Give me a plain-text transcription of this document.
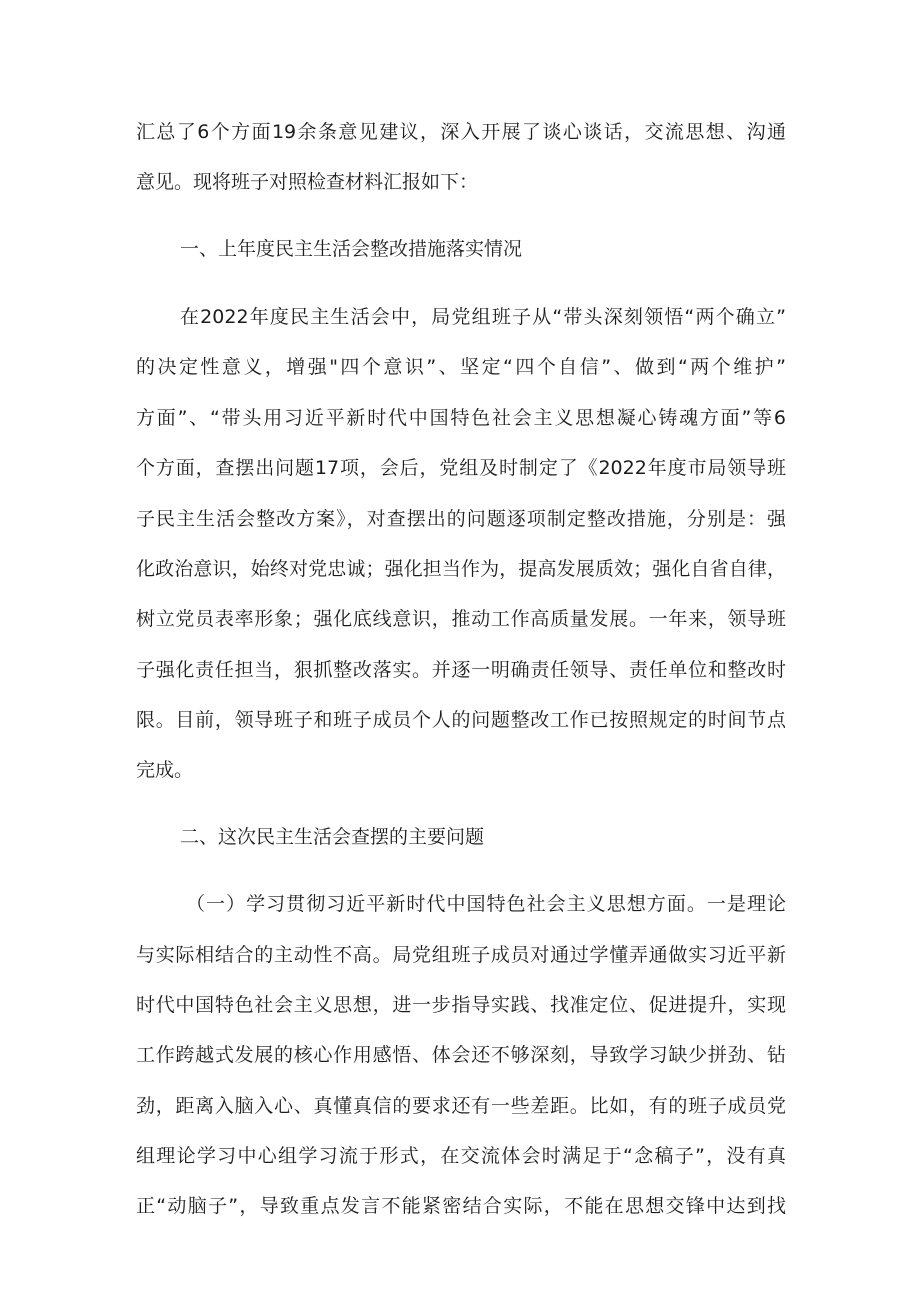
汇总了6个方面19余条意见建议，深入开展了谈心谈话，交流思想、沟通

意见。现将班子对照检查材料汇报如下：

一、上年度民主生活会整改措施落实情况

在2022年度民主生活会中，局党组班子从“带头深刻领悟“两个确立”

的决定性意义，增强"四个意识”、坚定“四个自信”、做到“两个维护”

方面”、“带头用习近平新时代中国特色社会主义思想凝心铸魂方面”等6

个方面，查摆出问题17项，会后，党组及时制定了《2022年度市局领导班

子民主生活会整改方案》，对查摆出的问题逐项制定整改措施，分别是：强

化政治意识，始终对党忠诚；强化担当作为，提高发展质效；强化自省自律，

树立党员表率形象；强化底线意识，推动工作高质量发展。一年来，领导班

子强化责任担当，狠抓整改落实。并逐一明确责任领导、责任单位和整改时

限。目前，领导班子和班子成员个人的问题整改工作已按照规定的时间节点

完成。

二、这次民主生活会查摆的主要问题

（一）学习贯彻习近平新时代中国特色社会主义思想方面。一是理论

与实际相结合的主动性不高。局党组班子成员对通过学懂弄通做实习近平新

时代中国特色社会主义思想，进一步指导实践、找准定位、促进提升，实现

工作跨越式发展的核心作用感悟、体会还不够深刻，导致学习缺少拼劲、钻

劲，距离入脑入心、真懂真信的要求还有一些差距。比如，有的班子成员党

组理论学习中心组学习流于形式，在交流体会时满足于“念稿子”，没有真

正“动脑子”，导致重点发言不能紧密结合实际，不能在思想交锋中达到找
